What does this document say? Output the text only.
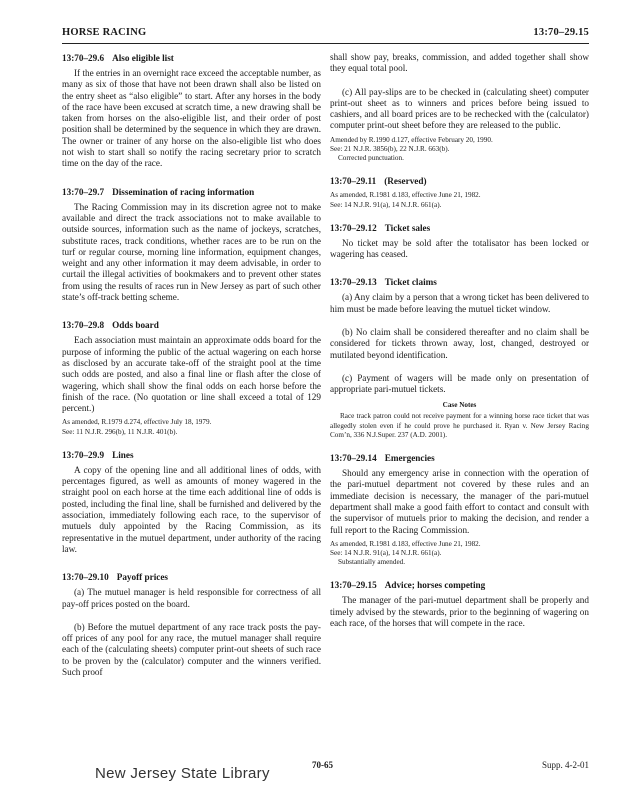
HORSE RACING	13:70–29.15
13:70–29.6 Also eligible list

If the entries in an overnight race exceed the acceptable number, as many as six of those that have not been drawn shall also be listed on the entry sheet as “also eligible” to start. After any horses in the body of the race have been excused at scratch time, a new drawing shall be taken from horses on the also-eligible list, and their order of post position shall be determined by the sequence in which they are drawn. The owner or trainer of any horse on the also-eligible list who does not wish to start shall so notify the racing secretary prior to scratch time on the day of the race.

13:70–29.7 Dissemination of racing information

The Racing Commission may in its discretion agree not to make available and direct the track associations not to make available to outside sources, information such as the name of jockeys, scratches, substitute races, track conditions, whether races are to be run on the turf or regular course, morning line information, equipment changes, weight and any other information it may deem advisable, in order to curtail the illegal activities of bookmakers and to prevent other states from using the results of races run in New Jersey as part of such other state’s off-track betting scheme.

13:70–29.8 Odds board

Each association must maintain an approximate odds board for the purpose of informing the public of the actual wagering on each horse as disclosed by an accurate take-off of the straight pool at the time such odds are posted, and also a final line or flash after the close of wagering, which shall show the final odds on each horse before the finish of the race. (No quotation or line shall exceed a total of 129 percent.)

As amended, R.1979 d.274, effective July 18, 1979.
See: 11 N.J.R. 296(b), 11 N.J.R. 401(b).
13:70–29.9 Lines

A copy of the opening line and all additional lines of odds, with percentages figured, as well as amounts of money wagered in the straight pool on each horse at the time each additional line of odds is posted, including the final line, shall be furnished and delivered by the association, immediately following each race, to the supervisor of mutuels duly appointed by the Racing Commission, as its representative in the mutuel department, under authority of the racing law.

13:70–29.10 Payoff prices

(a) The mutuel manager is held responsible for correctness of all pay-off prices posted on the board.

(b) Before the mutuel department of any race track posts the pay-off prices of any pool for any race, the mutuel manager shall require each of the (calculating sheets) computer print-out sheets of such race to be proven by the (calculator) computer and the winners verified. Such proof

shall show pay, breaks, commission, and added together shall show they equal total pool.

(c) All pay-slips are to be checked in (calculating sheet) computer print-out sheet as to winners and prices before being issued to cashiers, and all board prices are to be rechecked with the (calculator) computer print-out sheet before they are released to the public.

Amended by R.1990 d.127, effective February 20, 1990.
See: 21 N.J.R. 3856(b), 22 N.J.R. 663(b).
Corrected punctuation.
13:70–29.11 (Reserved)
As amended, R.1981 d.183, effective June 21, 1982.
See: 14 N.J.R. 91(a), 14 N.J.R. 661(a).
13:70–29.12 Ticket sales

No ticket may be sold after the totalisator has been locked or wagering has ceased.

13:70–29.13 Ticket claims

(a) Any claim by a person that a wrong ticket has been delivered to him must be made before leaving the mutuel ticket window.

(b) No claim shall be considered thereafter and no claim shall be considered for tickets thrown away, lost, changed, destroyed or mutilated beyond identification.

(c) Payment of wagers will be made only on presentation of appropriate pari-mutuel tickets.

Case Notes

Race track patron could not receive payment for a winning horse race ticket that was allegedly stolen even if he could prove he purchased it. Ryan v. New Jersey Racing Com’n, 336 N.J.Super. 237 (A.D. 2001).

13:70–29.14 Emergencies

Should any emergency arise in connection with the operation of the pari-mutuel department not covered by these rules and an immediate decision is necessary, the manager of the pari-mutuel department shall make a good faith effort to contact and consult with the supervisor of mutuels prior to making the decision, and render a full report to the Racing Commission.

As amended, R.1981 d.183, effective June 21, 1982.
See: 14 N.J.R. 91(a), 14 N.J.R. 661(a).
Substantially amended.
13:70–29.15 Advice; horses competing

The manager of the pari-mutuel department shall be properly and timely advised by the stewards, prior to the beginning of wagering on each race, of the horses that will compete in the race.

New Jersey State Library	70-65	Supp. 4-2-01
